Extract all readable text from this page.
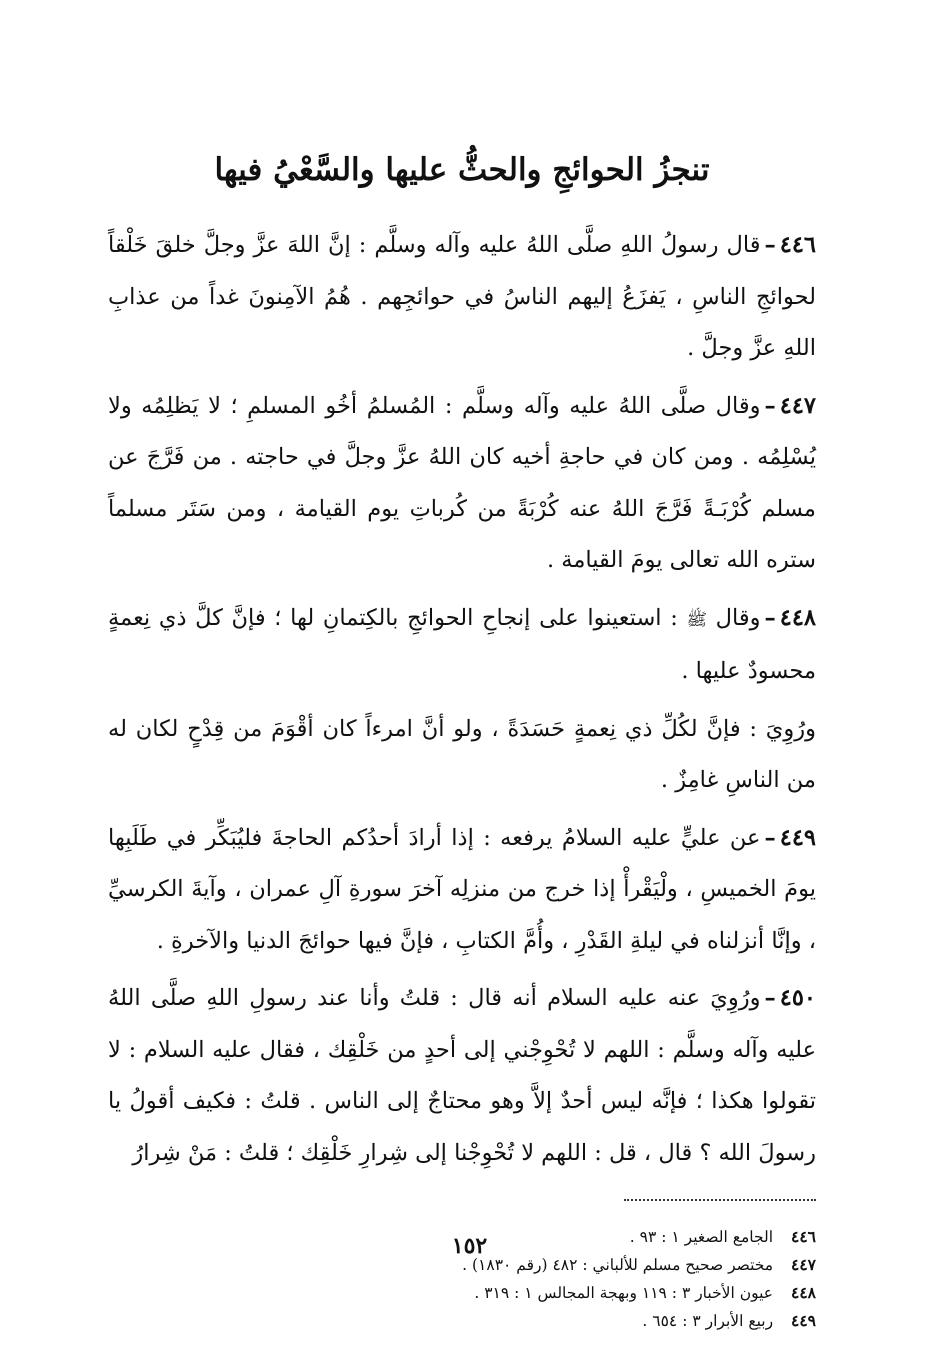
تنجزُ الحوائجِ والحثُّ عليها والسَّعْيُ فيها

٤٤٦–قال رسولُ اللهِ صلَّى اللهُ عليه وآله وسلَّم : إنَّ اللهَ عزَّ وجلَّ خلقَ خَلْقاً لحوائجِ الناسِ ، يَفزَعُ إليهم الناسُ في حوائجِهم . هُمُ الآمِنونَ غداً من عذابِ اللهِ عزَّ وجلَّ .

٤٤٧–وقال صلَّى اللهُ عليه وآله وسلَّم : المُسلمُ أخُو المسلمِ ؛ لا يَظلِمُه ولا يُسْلِمُه . ومن كان في حاجةِ أخيه كان اللهُ عزَّ وجلَّ في حاجته . من فَرَّجَ عن مسلم كُرْبَـةً فَرَّجَ اللهُ عنه كُرْبَةً من كُرباتِ يوم القيامة ، ومن سَتَر مسلماً ستره الله تعالى يومَ القيامة .

٤٤٨–وقال ﷺ : استعينوا على إنجاحِ الحوائجِ بالكِتمانِ لها ؛ فإنَّ كلَّ ذي نِعمةٍ محسودٌ عليها .

ورُوِيَ : فإنَّ لكُلِّ ذي نِعمةٍ حَسَدَةً ، ولو أنَّ امرءاً كان أقْوَمَ من قِدْحٍ لكان له من الناسِ غامِزٌ .

٤٤٩–عن عليٍّ عليه السلامُ يرفعه : إذا أرادَ أحدُكم الحاجةَ فليُبَكِّر في طَلَبِها يومَ الخميسِ ، ولْيَقْرأْ إذا خرج من منزلِه آخرَ سورةِ آلِ عمران ، وآيةَ الكرسيِّ ، وإنَّا أنزلناه في ليلةِ القَدْرِ ، وأُمَّ الكتابِ ، فإنَّ فيها حوائجَ الدنيا والآخرةِ .

٤٥٠–ورُوِيَ عنه عليه السلام أنه قال : قلتُ وأنا عند رسولِ اللهِ صلَّى اللهُ عليه وآله وسلَّم : اللهم لا تُحْوِجْني إلى أحدٍ من خَلْقِك ، فقال عليه السلام : لا تقولوا هكذا ؛ فإنَّه ليس أحدٌ إلاَّ وهو محتاجٌ إلى الناس . قلتُ : فكيف أقولُ يا رسولَ الله ؟ قال ، قل : اللهم لا تُحْوِجْنا إلى شِرارِ خَلْقِك ؛ قلتُ : مَنْ شِرارُ

٤٤٦ الجامع الصغير ١ : ٩٣ .
٤٤٧ مختصر صحيح مسلم للألباني : ٤٨٢ (رقم ١٨٣٠) .
٤٤٨ عيون الأخبار ٣ : ١١٩ وبهجة المجالس ١ : ٣١٩ .
٤٤٩ ربيع الأبرار ٣ : ٦٥٤ .
١٥٢
